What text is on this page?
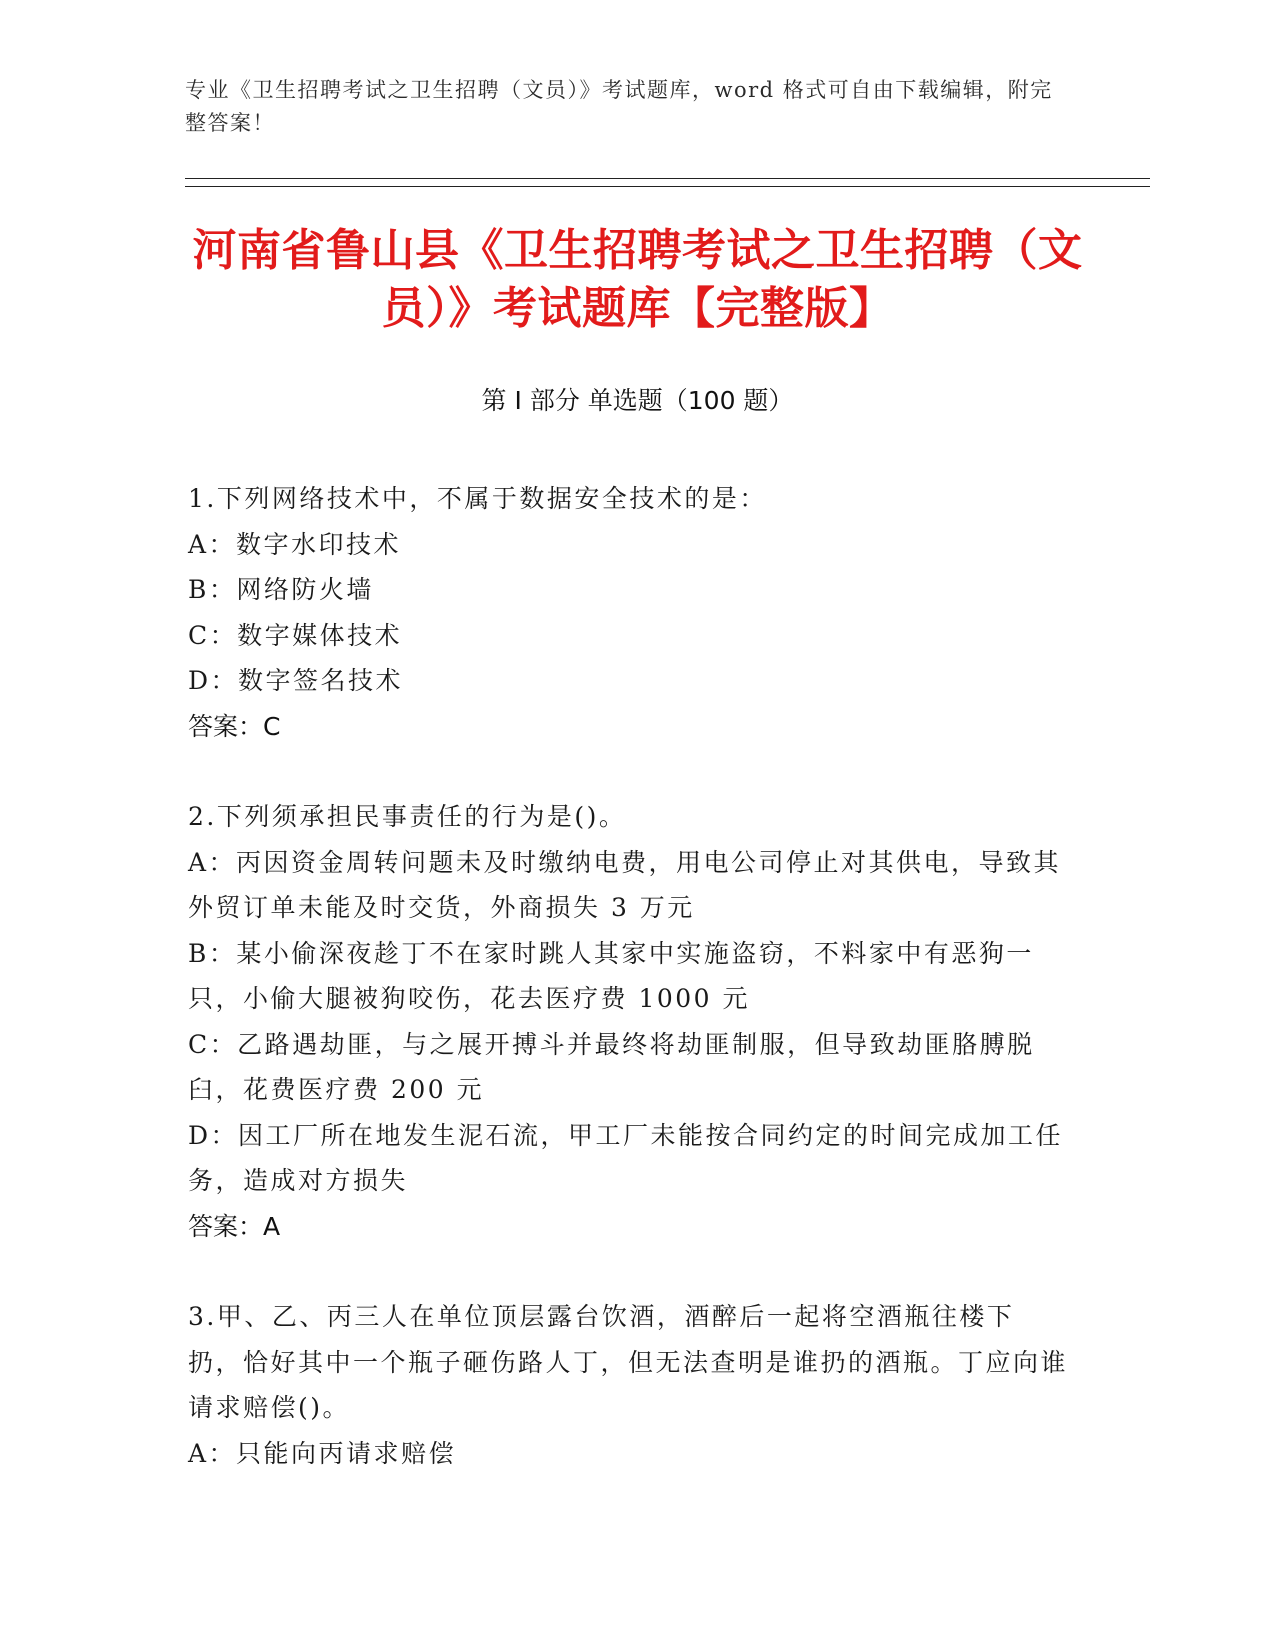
专业《卫生招聘考试之卫生招聘（文员）》考试题库，word 格式可自由下载编辑，附完整答案！
河南省鲁山县《卫生招聘考试之卫生招聘（文员）》考试题库【完整版】
第 I 部分 单选题（100 题）

1.下列网络技术中，不属于数据安全技术的是：

A：数字水印技术

B：网络防火墙

C：数字媒体技术

D：数字签名技术

答案：C

2.下列须承担民事责任的行为是()。

A：丙因资金周转问题未及时缴纳电费，用电公司停止对其供电，导致其外贸订单未能及时交货，外商损失 3 万元

B：某小偷深夜趁丁不在家时跳人其家中实施盗窃，不料家中有恶狗一只，小偷大腿被狗咬伤，花去医疗费 1000 元

C：乙路遇劫匪，与之展开搏斗并最终将劫匪制服，但导致劫匪胳膊脱臼，花费医疗费 200 元

D：因工厂所在地发生泥石流，甲工厂未能按合同约定的时间完成加工任务，造成对方损失

答案：A

3.甲、乙、丙三人在单位顶层露台饮酒，酒醉后一起将空酒瓶往楼下扔，恰好其中一个瓶子砸伤路人丁，但无法查明是谁扔的酒瓶。丁应向谁请求赔偿()。

A：只能向丙请求赔偿
